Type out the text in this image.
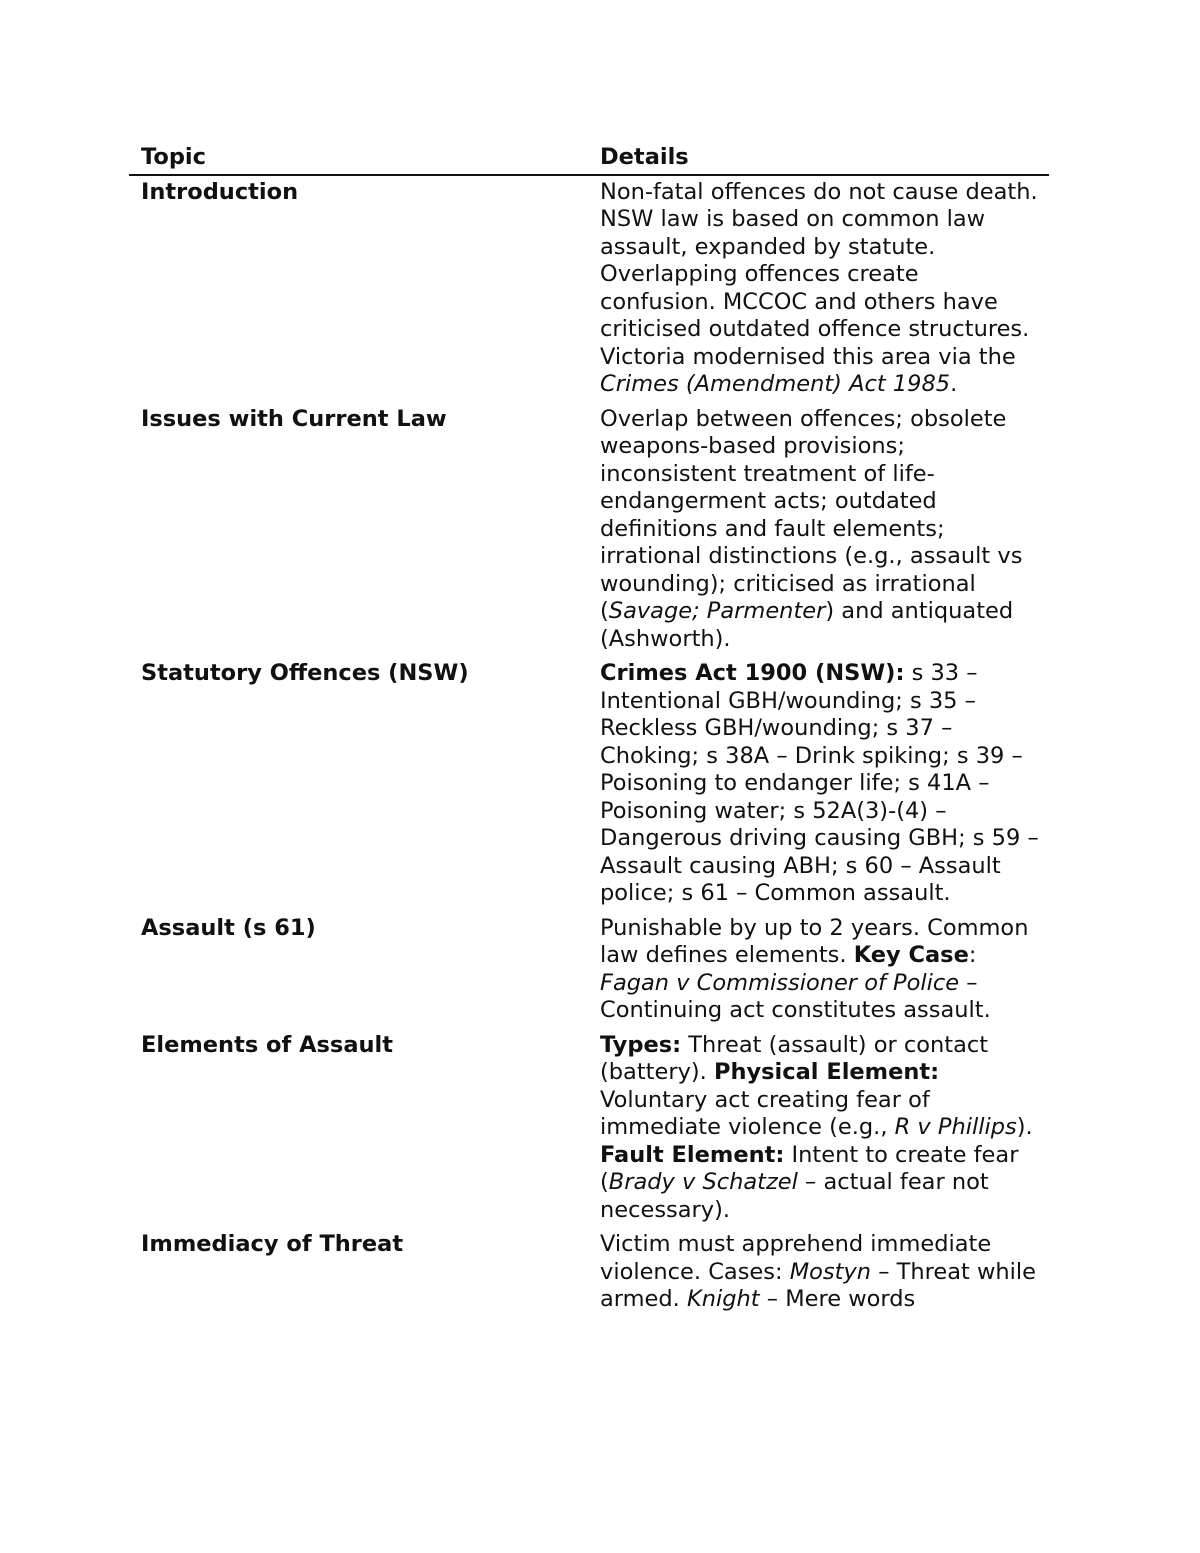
Topic	Details
Introduction	Non-fatal offences do not cause death. NSW law is based on common law assault, expanded by statute. Overlapping offences create confusion. MCCOC and others have criticised outdated offence structures. Victoria modernised this area via the Crimes (Amendment) Act 1985.
Issues with Current Law	Overlap between offences; obsolete weapons-based provisions; inconsistent treatment of life-endangerment acts; outdated definitions and fault elements; irrational distinctions (e.g., assault vs wounding); criticised as irrational (Savage; Parmenter) and antiquated (Ashworth).
Statutory Offences (NSW)	Crimes Act 1900 (NSW): s 33 – Intentional GBH/wounding; s 35 – Reckless GBH/wounding; s 37 – Choking; s 38A – Drink spiking; s 39 – Poisoning to endanger life; s 41A – Poisoning water; s 52A(3)-(4) – Dangerous driving causing GBH; s 59 – Assault causing ABH; s 60 – Assault police; s 61 – Common assault.
Assault (s 61)	Punishable by up to 2 years. Common law defines elements. Key Case: Fagan v Commissioner of Police – Continuing act constitutes assault.
Elements of Assault	Types: Threat (assault) or contact (battery). Physical Element: Voluntary act creating fear of immediate violence (e.g., R v Phillips). Fault Element: Intent to create fear (Brady v Schatzel – actual fear not necessary).
Immediacy of Threat	Victim must apprehend immediate violence. Cases: Mostyn – Threat while armed. Knight – Mere words
